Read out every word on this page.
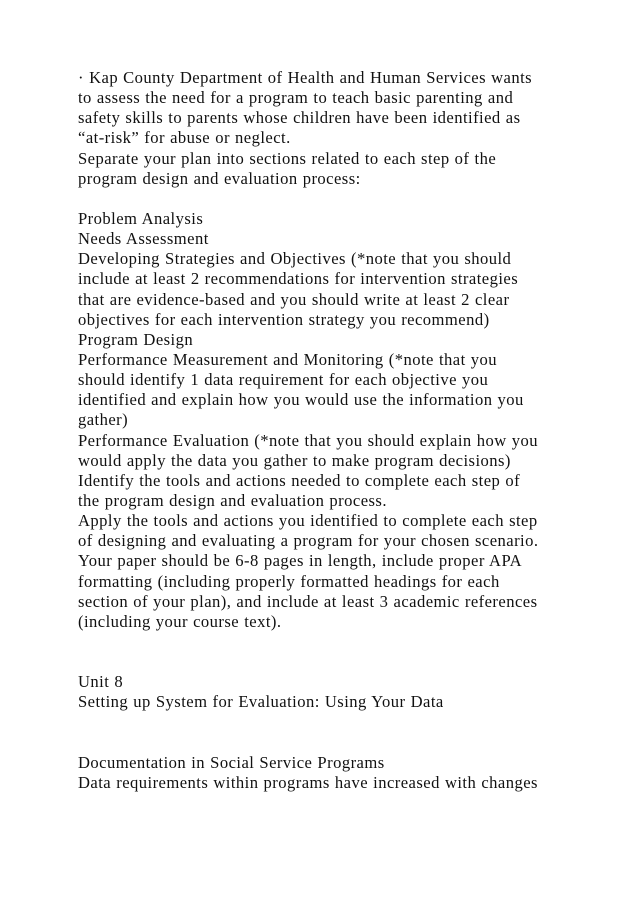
· Kap County Department of Health and Human Services wants
to assess the need for a program to teach basic parenting and
safety skills to parents whose children have been identified as
“at-risk” for abuse or neglect.
Separate your plan into sections related to each step of the
program design and evaluation process:
Problem Analysis
Needs Assessment
Developing Strategies and Objectives (*note that you should
include at least 2 recommendations for intervention strategies
that are evidence-based and you should write at least 2 clear
objectives for each intervention strategy you recommend)
Program Design
Performance Measurement and Monitoring (*note that you
should identify 1 data requirement for each objective you
identified and explain how you would use the information you
gather)
Performance Evaluation (*note that you should explain how you
would apply the data you gather to make program decisions)
Identify the tools and actions needed to complete each step of
the program design and evaluation process.
Apply the tools and actions you identified to complete each step
of designing and evaluating a program for your chosen scenario.
Your paper should be 6-8 pages in length, include proper APA
formatting (including properly formatted headings for each
section of your plan), and include at least 3 academic references
(including your course text).
Unit 8
Setting up System for Evaluation: Using Your Data
Documentation in Social Service Programs
Data requirements within programs have increased with changes
